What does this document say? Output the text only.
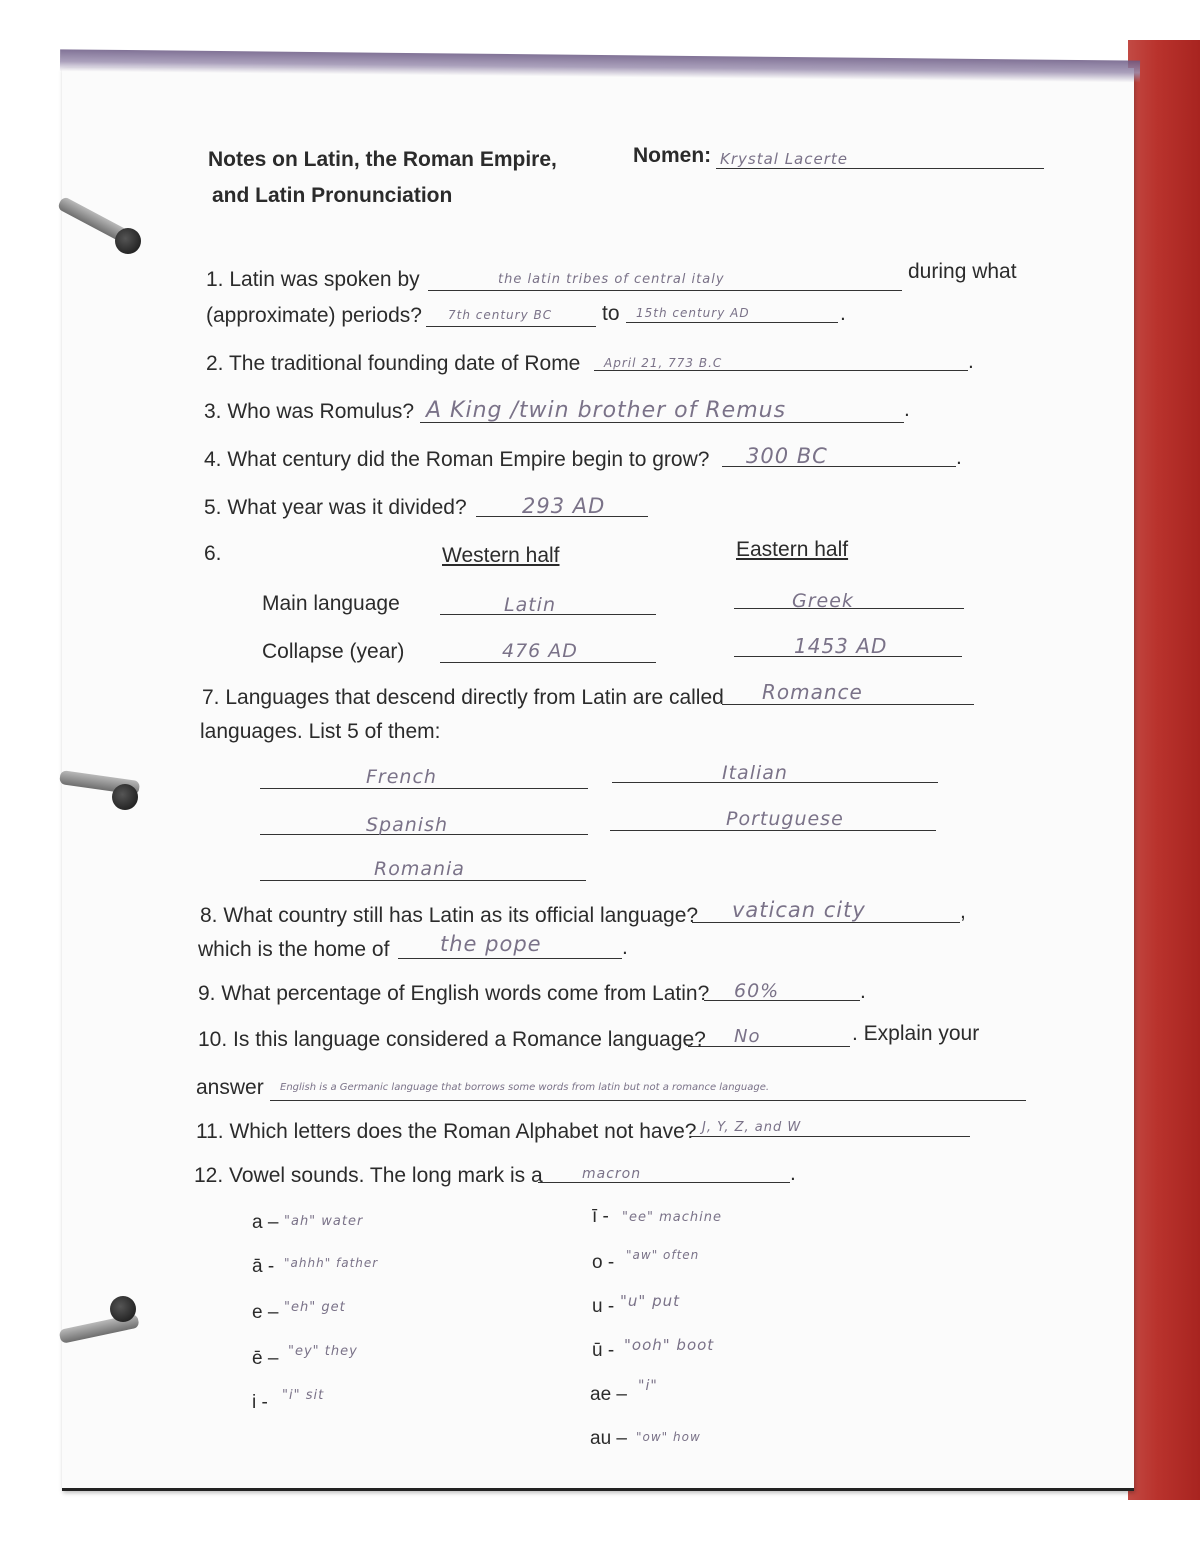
Notes on Latin, the Roman Empire,
and Latin Pronunciation
Nomen: Krystal Lacerte
1. Latin was spoken by	the latin tribes of central italy	during what
(approximate) periods? 7th century BC to 15th century AD	.
2. The traditional founding date of Rome April 21, 773 B.C	.
3. Who was Romulus? A King /twin brother of Remus	.
4. What century did the Roman Empire begin to grow? 300 BC	.
5. What year was it divided?	293 AD
6.	Western half	Eastern half
Main language	Latin	Greek
Collapse (year)	476 AD	1453 AD
7. Languages that descend directly from Latin are called Romance
languages. List 5 of them:
French	Italian
Spanish	Portuguese
Romania
8. What country still has Latin as its official language? vatican city	,
which is the home of the pope	.
9. What percentage of English words come from Latin? 60%	.
10. Is this language considered a Romance language? No	. Explain your
answer English is a Germanic language that borrows some words from latin but not a romance language.
11. Which letters does the Roman Alphabet not have? J, Y, Z, and W
12. Vowel sounds. The long mark is a	macron	.
a – "ah" water
ā - "ahhh" father
e – "eh" get
ē – "ey" they
i - "i" sit
ī - "ee" machine
o - "aw" often
u - "u" put
ū - "ooh" boot
ae – "i"
au – "ow" how
